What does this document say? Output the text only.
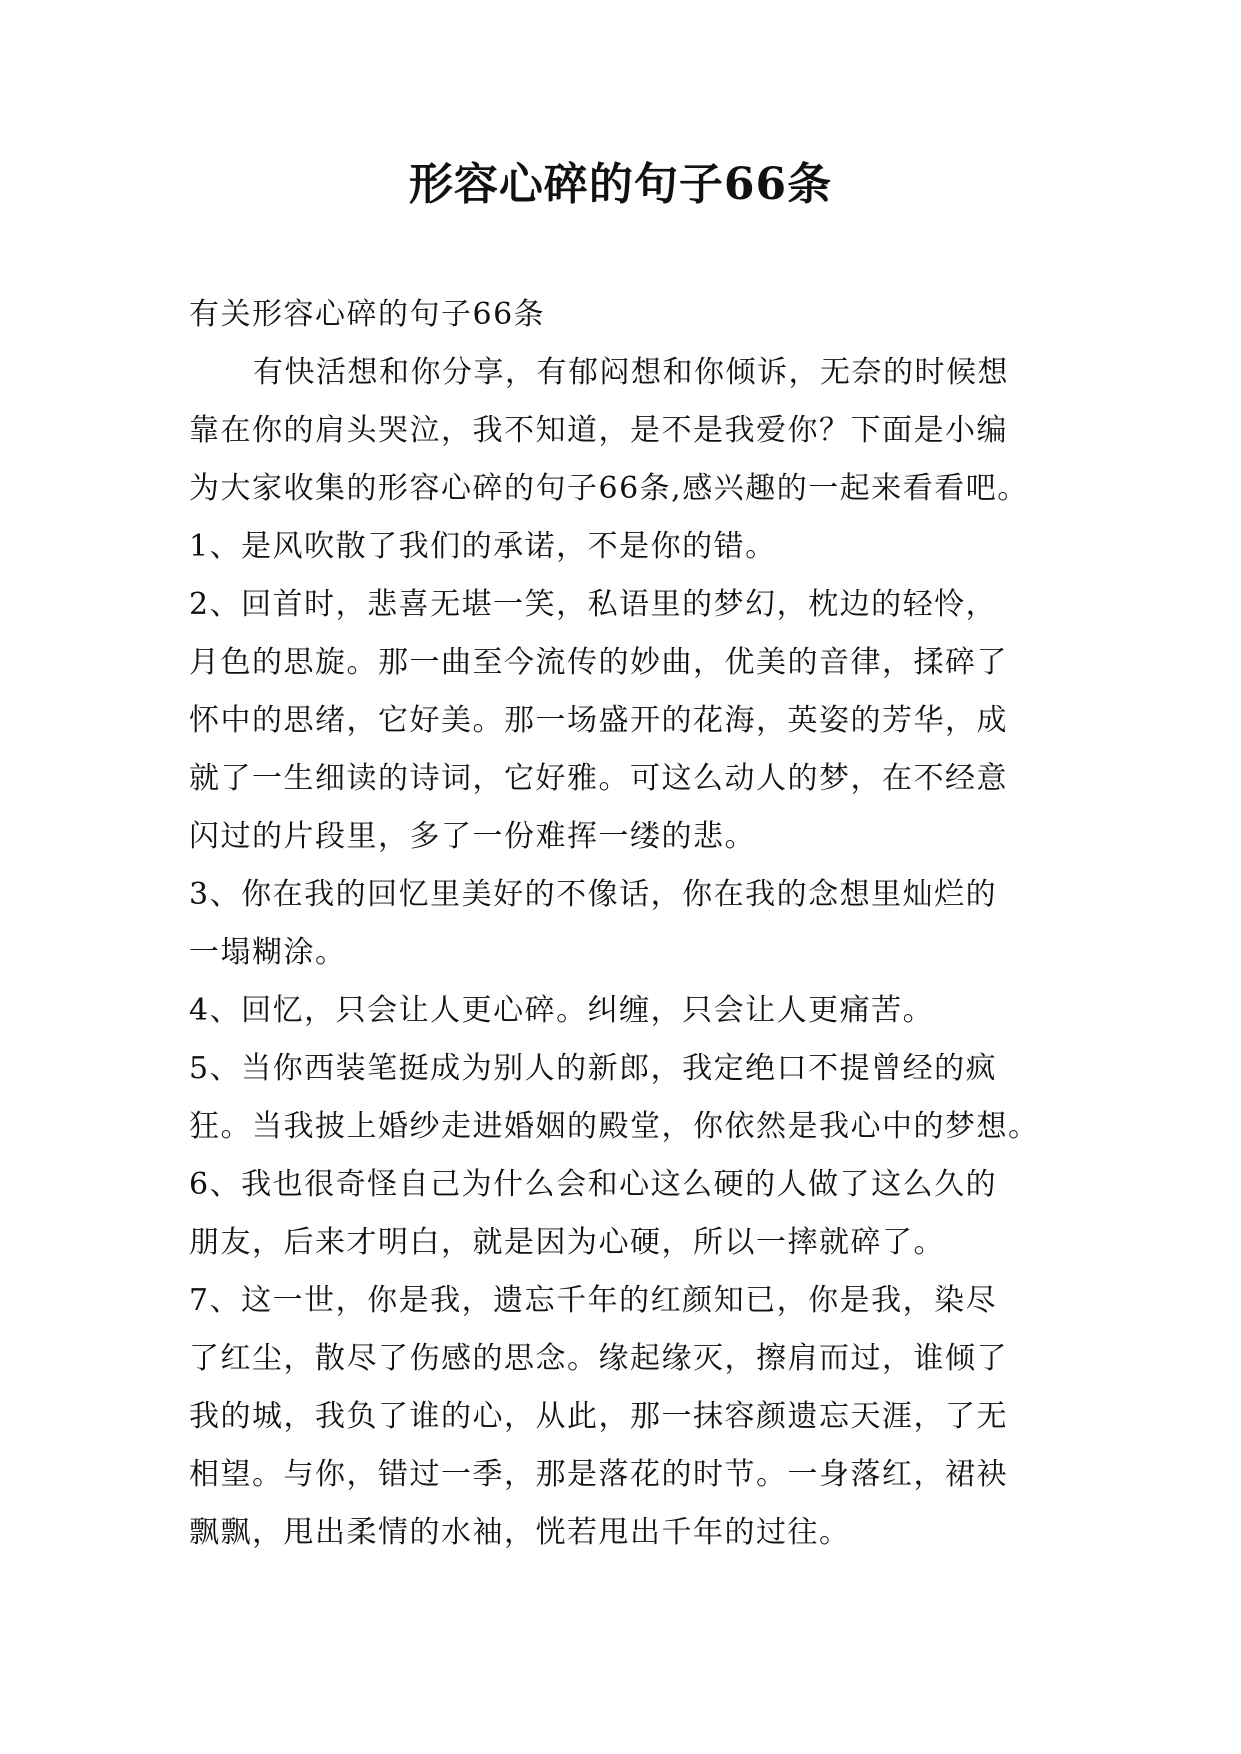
形容心碎的句子66条

有关形容心碎的句子66条

有快活想和你分享，有郁闷想和你倾诉，无奈的时候想

靠在你的肩头哭泣，我不知道，是不是我爱你？下面是小编

为大家收集的形容心碎的句子66条,感兴趣的一起来看看吧。

1、是风吹散了我们的承诺，不是你的错。

2、回首时，悲喜无堪一笑，私语里的梦幻，枕边的轻怜，

月色的思旋。那一曲至今流传的妙曲，优美的音律，揉碎了

怀中的思绪，它好美。那一场盛开的花海，英姿的芳华，成

就了一生细读的诗词，它好雅。可这么动人的梦，在不经意

闪过的片段里，多了一份难挥一缕的悲。

3、你在我的回忆里美好的不像话，你在我的念想里灿烂的

一塌糊涂。

4、回忆，只会让人更心碎。纠缠，只会让人更痛苦。

5、当你西装笔挺成为别人的新郎，我定绝口不提曾经的疯

狂。当我披上婚纱走进婚姻的殿堂，你依然是我心中的梦想。

6、我也很奇怪自己为什么会和心这么硬的人做了这么久的

朋友，后来才明白，就是因为心硬，所以一摔就碎了。

7、这一世，你是我，遗忘千年的红颜知已，你是我，染尽

了红尘，散尽了伤感的思念。缘起缘灭，擦肩而过，谁倾了

我的城，我负了谁的心，从此，那一抹容颜遗忘天涯，了无

相望。与你，错过一季，那是落花的时节。一身落红，裙袂

飘飘，甩出柔情的水袖，恍若甩出千年的过往。
